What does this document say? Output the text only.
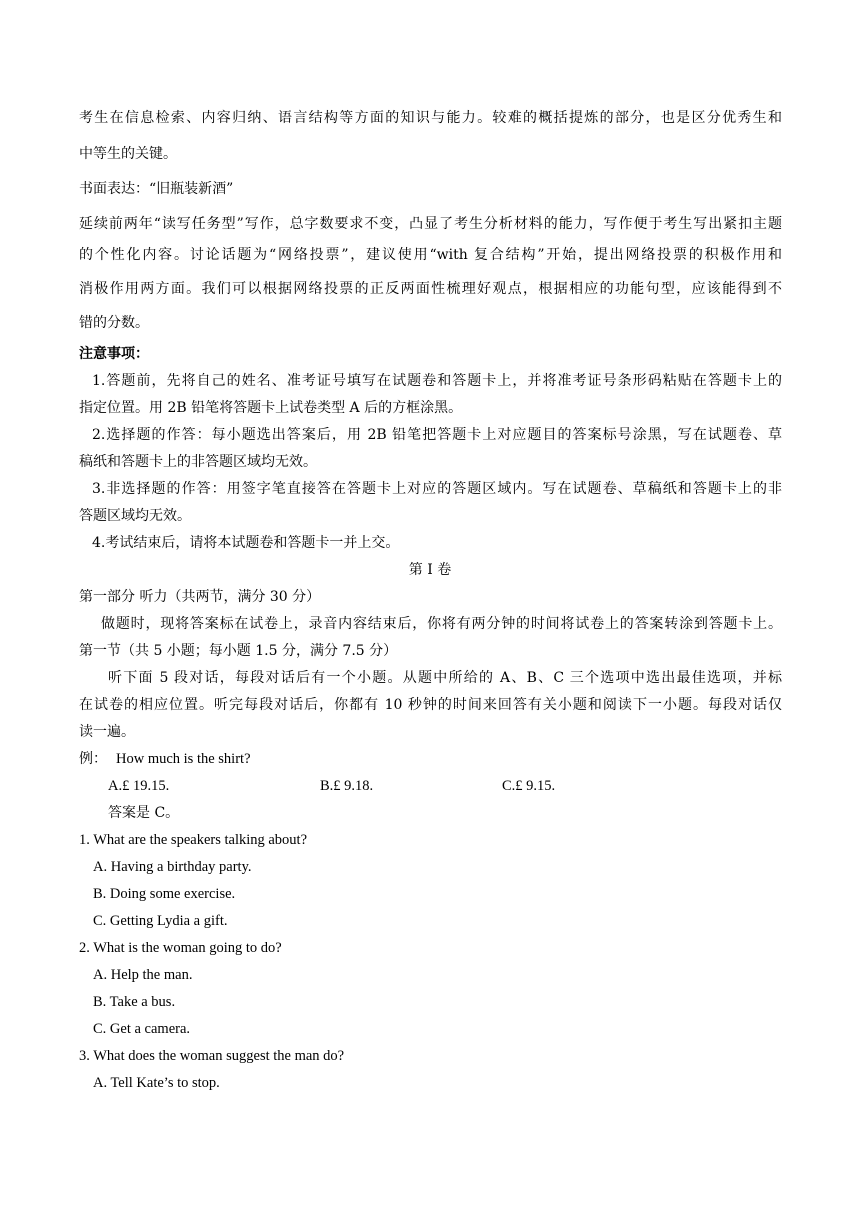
考生在信息检索、内容归纳、语言结构等方面的知识与能力。较难的概括提炼的部分，也是区分优秀生和
中等生的关键。
书面表达：“旧瓶装新酒”
延续前两年“读写任务型”写作，总字数要求不变，凸显了考生分析材料的能力，写作便于考生写出紧扣主题
的个性化内容。讨论话题为“网络投票”，建议使用“with 复合结构”开始，提出网络投票的积极作用和
消极作用两方面。我们可以根据网络投票的正反两面性梳理好观点，根据相应的功能句型，应该能得到不
错的分数。
注意事项：
1.答题前，先将自己的姓名、准考证号填写在试题卷和答题卡上，并将准考证号条形码粘贴在答题卡上的
指定位置。用 2B 铅笔将答题卡上试卷类型 A 后的方框涂黑。
2.选择题的作答：每小题选出答案后，用 2B 铅笔把答题卡上对应题目的答案标号涂黑，写在试题卷、草
稿纸和答题卡上的非答题区域均无效。
3.非选择题的作答：用签字笔直接答在答题卡上对应的答题区域内。写在试题卷、草稿纸和答题卡上的非
答题区域均无效。
4.考试结束后，请将本试题卷和答题卡一并上交。
第 I 卷
第一部分 听力（共两节，满分 30 分）
做题时，现将答案标在试卷上，录音内容结束后，你将有两分钟的时间将试卷上的答案转涂到答题卡上。
第一节（共 5 小题；每小题 1.5 分，满分 7.5 分）
听下面 5 段对话，每段对话后有一个小题。从题中所给的 A、B、C 三个选项中选出最佳选项，并标
在试卷的相应位置。听完每段对话后，你都有 10 秒钟的时间来回答有关小题和阅读下一小题。每段对话仅
读一遍。
例： How much is the shirt?
A.£ 19.15.	B.£ 9.18.	C.£ 9.15.
答案是 C。
1. What are the speakers talking about?
A. Having a birthday party.
B. Doing some exercise.
C. Getting Lydia a gift.
2. What is the woman going to do?
A. Help the man.
B. Take a bus.
C. Get a camera.
3. What does the woman suggest the man do?
A. Tell Kate’s to stop.
